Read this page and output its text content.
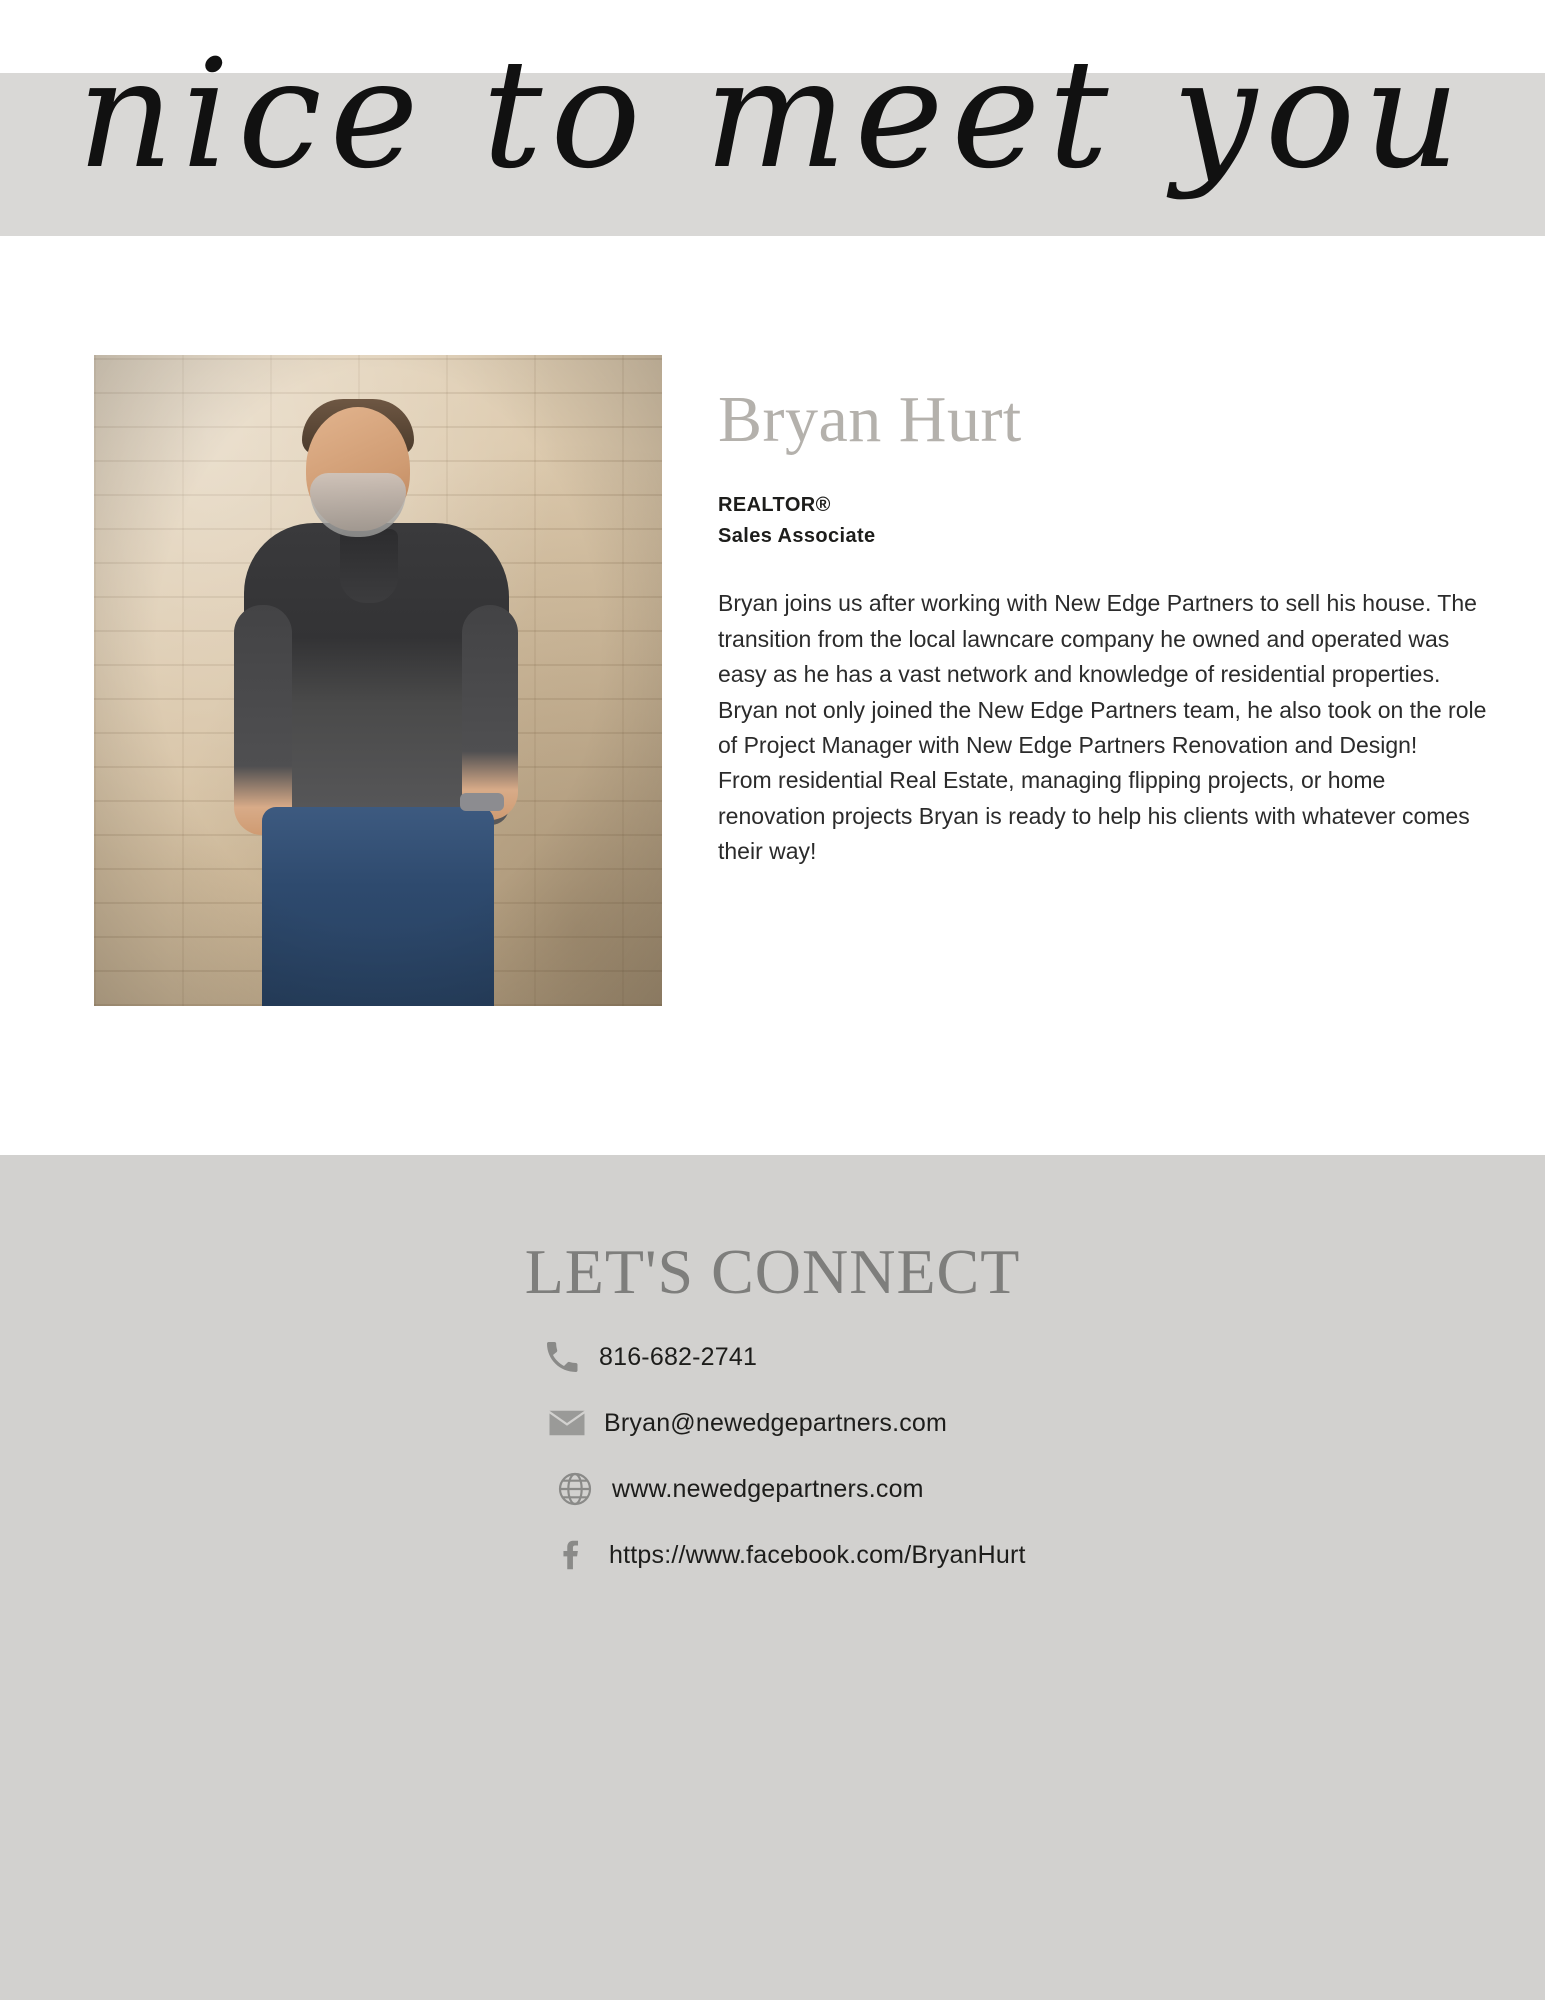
nice to meet you
Bryan Hurt
REALTOR®
Sales Associate

Bryan joins us after working with New Edge Partners to sell his house. The transition from the local lawncare company he owned and operated was easy as he has a vast network and knowledge of residential properties. Bryan not only joined the New Edge Partners team, he also took on the role of Project Manager with New Edge Partners Renovation and Design!

From residential Real Estate, managing flipping projects, or home renovation projects Bryan is ready to help his clients with whatever comes their way!

LET'S CONNECT
816-682-2741
Bryan@newedgepartners.com
www.newedgepartners.com
https://www.facebook.com/BryanHurt
